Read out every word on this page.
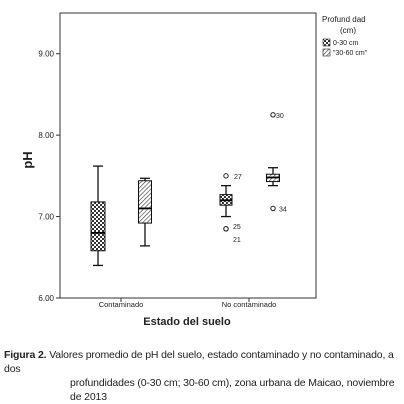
6.00
7.00
8.00
9.00
Contaminado	No contaminado
27
21
25
30
34
pH
Estado del suelo
Profund dad
(cm)
0-30 cm
"30-60 cm"
Figura 2. Valores promedio de pH del suelo, estado contaminado y no contaminado, a dos
profundidades (0-30 cm; 30-60 cm), zona urbana de Maicao, noviembre de 2013
